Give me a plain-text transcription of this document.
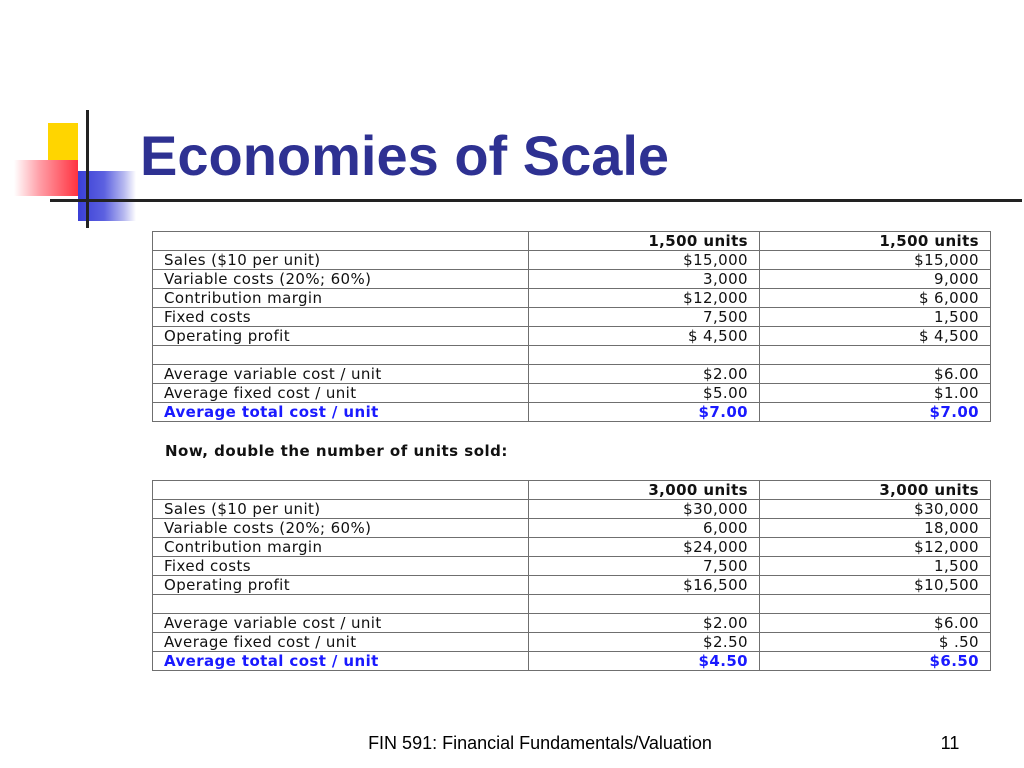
Economies of Scale
	1,500 units	1,500 units
Sales ($10 per unit)	$15,000	$15,000
Variable costs (20%; 60%)	3,000	9,000
Contribution margin	$12,000	$ 6,000
Fixed costs	7,500	1,500
Operating profit	$ 4,500	$ 4,500

Average variable cost / unit	$2.00	$6.00
Average fixed cost / unit	$5.00	$1.00
Average total cost / unit	$7.00	$7.00
Now, double the number of units sold:
	3,000 units	3,000 units
Sales ($10 per unit)	$30,000	$30,000
Variable costs (20%; 60%)	6,000	18,000
Contribution margin	$24,000	$12,000
Fixed costs	7,500	1,500
Operating profit	$16,500	$10,500

Average variable cost / unit	$2.00	$6.00
Average fixed cost / unit	$2.50	$ .50
Average total cost / unit	$4.50	$6.50
FIN 591: Financial Fundamentals/Valuation	11
